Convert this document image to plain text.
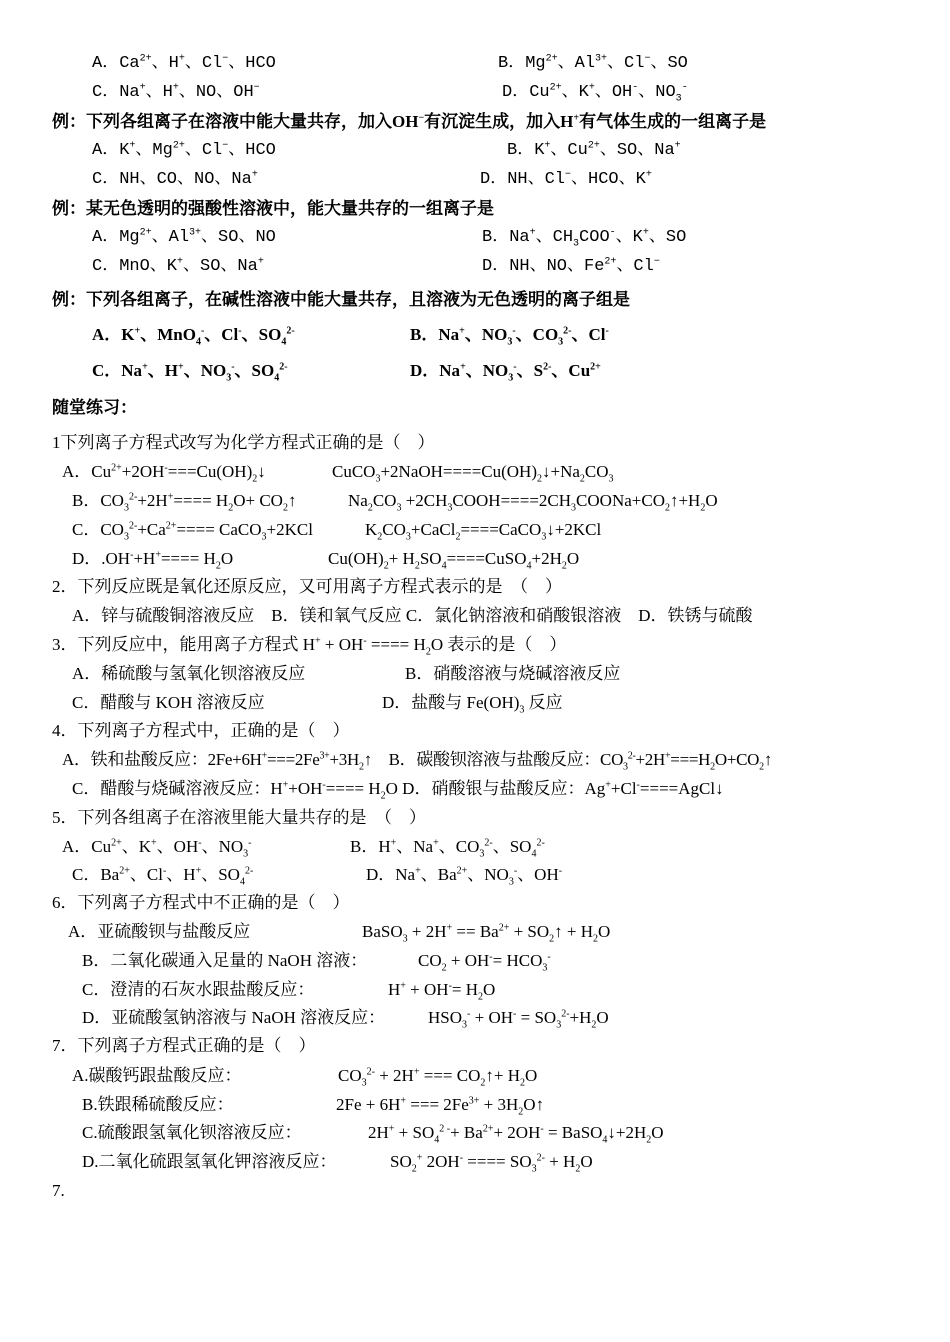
A．$Ca^{2+}$、H+、Cl−、HCO	B．$Mg^{2+}$、$Al^{3+}$、Cl−、SO
C．Na+、H+、NO、OH−	D．$Cu^{2+}$、K+、OH-、$NO_3^-$
例：下列各组离子在溶液中能大量共存，加入OH−有沉淀生成，加入H+有气体生成的一组离子是
A．K+、$Mg^{2+}$、Cl−、HCO	B．K+、$Cu^{2+}$、SO、Na+
C．NH、CO、NO、Na+	D．NH、Cl−、HCO、K+
例：某无色透明的强酸性溶液中，能大量共存的一组离子是
A．$Mg^{2+}$、$Al^{3+}$、SO、NO	B．Na+、$CH_3COO^-$、K+、SO
C．MnO、K+、SO、Na+	D．NH、NO、$Fe^{2+}$、Cl−
例：下列各组离子，在碱性溶液中能大量共存，且溶液为无色透明的离子组是
A．K+、MnO$_4$-、Cl-、$SO_4^{2-}$	B．Na+、$NO_3^-$、$CO_3^{2-}$、Cl-
C．Na+、H+、$NO_3^-$、$SO_4^{2-}$	D．Na+、$NO_3^-$、$S^{2-}$、$Cu^{2+}$
随堂练习：
1下列离子方程式改写为化学方程式正确的是（　）
A．$Cu^{2+}+2OH^-===Cu(OH)_2↓$	$CuCO_3+2NaOH====Cu(OH)_2↓+Na_2CO_3$
B．$CO_3^{2-}+2H^+==== H_2O+$ $CO_2↑$	$Na_2CO_3$ $+2CH_3COOH====2CH_3COONa+CO_2↑+H_2O$
C．$CO_3^{2-}+Ca^{2+}====$ CaCO$_3$+2KCl	$K_2CO_3+CaCl_2====CaCO_3↓+2KCl$
D．$.OH^-+H^+==== H_2O$	$Cu(OH)_2+$ $H_2SO_4====CuSO_4+2H_2O$
2．下列反应既是氧化还原反应，又可用离子方程式表示的是　（　）
A．锌与硫酸铜溶液反应　B．镁和氧气反应 C．氯化钠溶液和硝酸银溶液　D．铁锈与硫酸
3．下列反应中，能用离子方程式 H+ + OH- ==== $H_2O$ 表示的是（　）
A．稀硫酸与氢氧化钡溶液反应	B．硝酸溶液与烧碱溶液反应
C．醋酸与 KOH 溶液反应	D．盐酸与 $Fe(OH)_3$ 反应
4．下列离子方程式中，正确的是（　）
A．铁和盐酸反应：$2Fe+6H^+===2Fe^{3+}+3H_2↑$　B．碳酸钡溶液与盐酸反应：$CO_3^{2-}+2H^+===H_2O+CO_2↑$
C．醋酸与烧碱溶液反应：$H^++OH^-==== H_2O$ D．硝酸银与盐酸反应：Ag++Cl-====AgCl↓
5．下列各组离子在溶液里能大量共存的是　（　）
A．$Cu^{2+}$、K+、OH-、$NO_3^-$	B．H+、Na+、$CO_3^{2-}$、$SO_4^{2-}$
C．$Ba^{2+}$、Cl-、H+、$SO_4^{2-}$	D．Na+、$Ba^{2+}$、$NO_3^-$、OH-
6．下列离子方程式中不正确的是（　）
A．亚硫酸钡与盐酸反应	BaSO$_3$ + $2H^+ == Ba^{2+}$ + $SO_2↑ + H_2O$
B．二氧化碳通入足量的 NaOH 溶液：	$CO_2 + OH^-= HCO_3^-$
C．澄清的石灰水跟盐酸反应：	$H^+ + OH^-= H_2O$
D．亚硫酸氢钠溶液与 NaOH 溶液反应：	$HSO_3^- + OH^- = SO_3^{2-}+H_2O$
7．下列离子方程式正确的是（　）
A.碳酸钙跟盐酸反应：	$CO_3^{2-} + 2H^+$ === $CO_2↑+ H_2O$
B.铁跟稀硫酸反应：	2Fe + 6H+ === $2Fe^{3+}$ + $3H_2O↑$
C.硫酸跟氢氧化钡溶液反应：	$2H^+ + SO_4^{2 -}+ Ba^{2+}+ 2OH^-$ = $BaSO_4↓+2H_2O$
D.二氧化硫跟氢氧化钾溶液反应：	$SO_2^+$ 2OH- ==== $SO_3^{2-} + H_2O$
7.
